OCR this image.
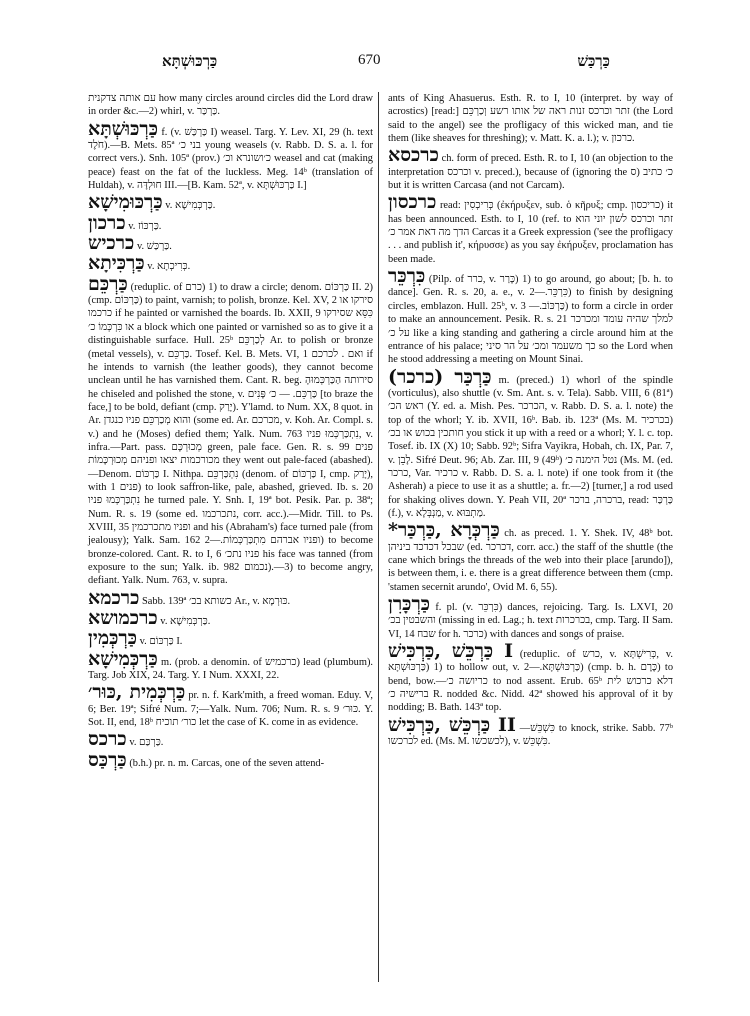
כַּרְכּוּשְׁתָּא	670	כַּרְכַּשׁ
עם אותה צדקנית how many circles around circles did the Lord draw in order &c.—2) whirl, v. כַּרְכַּר.
כַּרְכּוּשְׁתָּא f. (v. כַּרְכַּשׁ I) weasel. Targ. Y. Lev. XI, 29 (h. text חֹלֶד).—B. Mets. 85ª בני כ׳ young weasels (v. Rabb. D. S. a. l. for correct vers.). Snh. 105ª (prov.) כ׳ושונרא וכ׳ weasel and cat (making peace) feast on the fat of the luckless. Meg. 14ᵇ (translation of Huldah), v. חוּלְדָּה III.—[B. Kam. 52ª, v. כַּרְכּוּשְׁתָּא I.]
כַּרְכּוּמִישָׁא v. כַּרְכְּמִישָׁא.
כרכון v. כַּרְכּוֹז.
כרכיש v. כַּרְכַּשׁ.
כַּרְכִּיתָא v. כְּרִיכְתָא.
כַּרְכֵּם (reduplic. of כרם) 1) to draw a circle; denom. כַּרְכּוֹם II. 2) (cmp. כַּרְכּוֹם) to paint, varnish; to polish, bronze. Kel. XV, 2 סירקו או כרכמו if he painted or varnished the boards. Ib. XXII, 9 כִּסֵּא שסירקו או כִּרְכְּמוֹ כ׳ a block which one painted or varnished so as to give it a distinguishable surface. Hull. 25ᵇ לְכַרְכֵּם Ar. to polish or bronze (metal vessels), v. כַּרְכֵּם. Tosef. Kel. B. Mets. VI, 1 ואם . לכרכם if he intends to varnish (the leather goods), they cannot become unclean until he has varnished them. Cant. R. beg. סירותה הַכַּרְכְּמוּהָ he chiseled and polished the stone, v. כַּרְכֵּם. — כ׳ פָּנִים [to braze the face,] to be bold, defiant (cmp. יָרַק). Y'lamd. to Num. XX, 8 quot. in Ar. והוא מְכַרְכֵּם פניו כנגדן (some ed. Ar. מכרכם, v. Koh. Ar. Compl. s. v.) and he (Moses) defied them; Yalk. Num. 763 נִתְכַּרְכְּמוּ פניו, v. infra.—Part. pass. מְכוּרְכָּם green, pale face. Gen. R. s. 99 פנים מכורכמות יצאו ופניהם מְכוּרְכָּמוֹת they went out pale-faced (abashed).—Denom. כַּרְכּוֹם I. Nithpa. נִתְכַּרְכֵּם (denom. of כַּרְכּוֹם I, cmp. יָרַק), with פנים 1) to look saffron-like, pale, abashed, grieved. Ib. s. 20 נִתְכַּרְכְּמוּ פניו he turned pale. Y. Snh. I, 19ª bot. Pesik. Par. p. 38ª; Num. R. s. 19 (some ed. נתכרכמו, corr. acc.).—Midr. Till. to Ps. XVIII, 35 ופניו מתכרכמין and his (Abraham's) face turned pale (from jealousy); Yalk. Sam. 162 ופניו אברהם מִתְכַּרְכְּמוֹת.—2) to become bronze-colored. Cant. R. to I, 6 פניו נתכ׳ his face was tanned (from exposure to the sun; Yalk. ib. 982 נכמום).—3) to become angry, defiant. Yalk. Num. 763, v. supra.
כרכמא Sabb. 139ª כשותא בכ׳ Ar., v. כּוּרְמָא.
כרכמושא v. כַּרְכְּמִישָׁא.
כַּרְכְּמִין v. כַּרְכּוֹם I.
כַּרְכְּמִישָׁא m. (prob. a denomin. of כרכמיש) lead (plumbum). Targ. Job XIX, 24. Targ. Y. I Num. XXXI, 22.
כַּרְכְּמִית ,כּוּר׳ pr. n. f. Kark'mith, a freed woman. Eduy. V, 6; Ber. 19ª; Sifré Num. 7;—Yalk. Num. 706; Num. R. s. 9 כּוּר׳. Y. Sot. II, end, 18ᵇ כור׳ תוכיח let the case of K. come in as evidence.
כרכס v. כַּרְכַּם.
כַּרְכַּס (b.h.) pr. n. m. Carcas, one of the seven attend-
ants of King Ahasuerus. Esth. R. to I, 10 (interpret. by way of acrostics) [read:] זתר וכרכס זנות ראה של אותו רשע וְכַרְכֵּם (the Lord said to the angel) see the profligacy of this wicked man, and tie them (like sheaves for threshing); v. Matt. K. a. l.); v. כרכון.
כרכסא ch. form of preced. Esth. R. to I, 10 (an objection to the interpretation וכרכס v. preced.), because of (ignoring the ס) כ׳ כתיב but it is written Carcasa (and not Carcam).
כרכסון read: כְּרִיכְסִין (ἐκήρυξεν, sub. ὁ κῆρυξ; cmp. כריכסון) it has been announced. Esth. to I, 10 (ref. to זתר וכרכס לשון יוני הוא הדך מה דאת אמר כ׳ Carcas it a Greek expression ('see the profligacy . . . and publish it', κήρυσσε) as you say ἐκήρυξεν, proclamation has been made.
כִּרְכֵּר (Pilp. of כרר, v. כָּרַר) 1) to go around, go about; [b. h. to dance]. Gen. R. s. 20, a. e., v. כִּרְכֵּר.—2) to finish by designing circles, emblazon. Hull. 25ᵇ, v. כַּרְכּוֹב.— 3) to form a circle in order to make an announcement. Pesik. R. s. 21 למלך שהיה עומד ומכרכר על כ׳ like a king standing and gathering a circle around him at the entrance of his palace; כך משעמד ומכ׳ על הר סיני so the Lord when he stood addressing a meeting on Mount Sinai.
(כרכר) כַּרְכַּר m. (preced.) 1) whorl of the spindle (vorticulus), also shuttle (v. Sm. Ant. s. v. Tela). Sabb. VIII, 6 (81ª) ראש הכ׳ (Y. ed. a. Mish. Pes. הכרכר, v. Rabb. D. S. a. l. note) the top of the whorl; Y. ib. XVII, 16ᵇ. Bab. ib. 123ª (Ms. M. בכרכיר) חותכין בכוש או בכ׳ you stick it up with a reed or a whorl; Y. l. c. top. Tosef. ib. IX (X) 10; Sabb. 92ᵇ; Sifra Vayikra, Hobah, ch. IX, Par. 7, v. לָבֵן. Sifré Deut. 96; Ab. Zar. III, 9 (49ᵇ) נטל הימנה כ׳ (Ms. M. (ed. כרכר, Var. כרכיר v. Rabb. D. S. a. l. note) if one took from it (the Asherah) a piece to use it as a shuttle; a. fr.—2) [turner,] a rod used for shaking olives down. Y. Peah VII, 20ª ברכרה, ברכר, read: כַּרְכַּר (f.), v. מַנְבְּלָא, v. מַתְבּוּא.
*כַּרְכְּרָא ,כַּרְכַּר ch. as preced. 1. Y. Shek. IV, 48ᵇ bot. שבכל דכדכד ביניהן (ed. דכרכר, corr. acc.) the staff of the shuttle (the cane which brings the threads of the web into their place [arundo]), is between them, i. e. there is a great difference between them (cmp. 'stamen secernit arundo', Ovid M. 6, 55).
כַּרְכָּרִן f. pl. (v. כִּרְכֵּר) dances, rejoicing. Targ. Is. LXVI, 20 והשבטין בכ׳ (missing in ed. Lag.; h. text בכרכרות, cmp. Targ. II Sam. VI, 14 שבח for h. כרכר) with dances and songs of praise.
כַּרְכֵּשׁ ,כַּרְכִּישׁ I (reduplic. of כרש, v. כְּרִישְׁתָּא, v. כַּרְכּוּשְׁתָּא) 1) to hollow out, v. כַּרְכּוּשְׁתָּא.—2) (cmp. b. h. כֶּרֶם) to bend, bow.—כריושה כ׳ to nod assent. Erub. 65ᵇ דלא כרכוש לית ברישיה כ׳ R. nodded &c. Nidd. 42ª showed his approval of it by nodding; B. Bath. 143ª top.
כַּרְכֵּשׁ ,כַּרְכִּישׁ II —כִּשְׁכֵּשׁ to knock, strike. Sabb. 77ᵇ לכרכשו ed. (Ms. M. לכשכשו), v. כִּשְׁכֵּשׁ.
